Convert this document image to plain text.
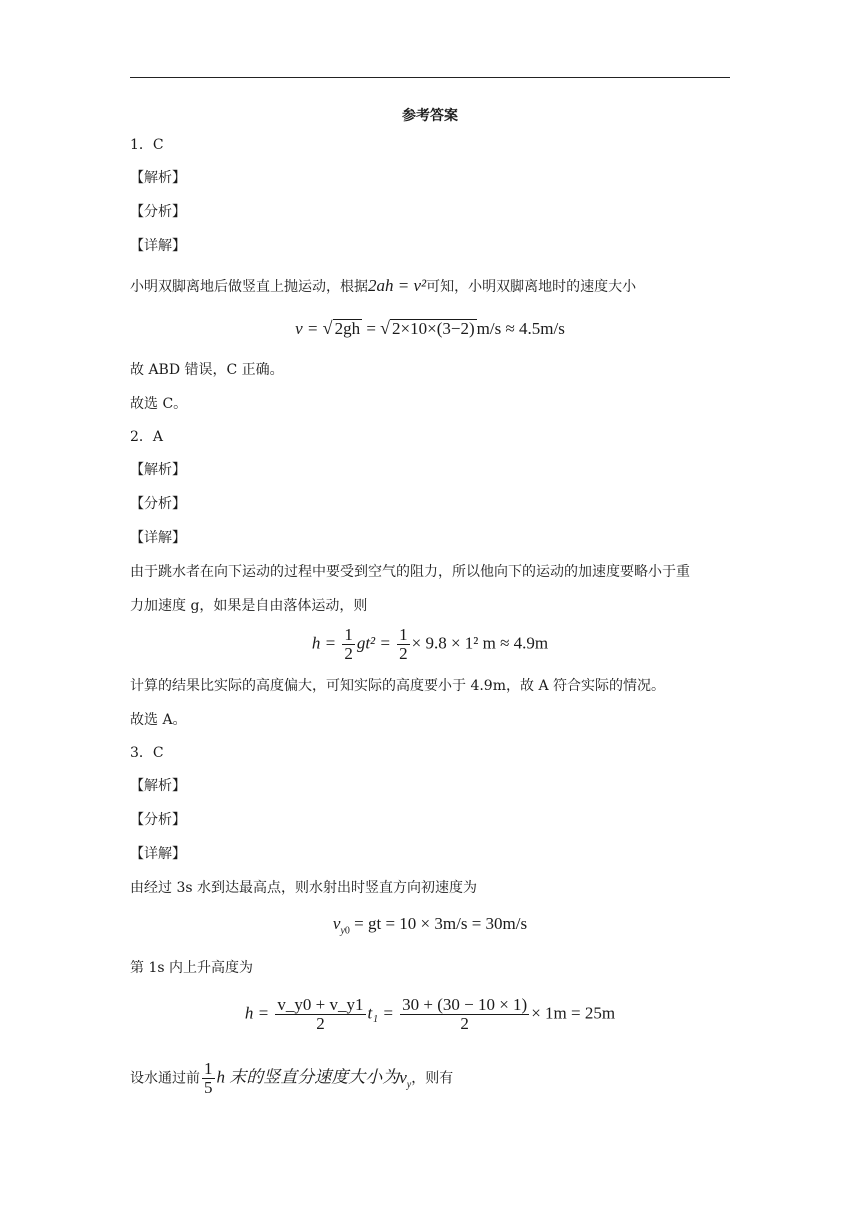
参考答案
1．C
【解析】
【分析】
【详解】
小明双脚离地后做竖直上抛运动，根据2ah = v²可知，小明双脚离地时的速度大小
v = √ 2gh = √ 2×10×(3−2) m/s ≈ 4.5m/s
故 ABD 错误，C 正确。
故选 C。
2．A
【解析】
【分析】
【详解】
由于跳水者在向下运动的过程中要受到空气的阻力，所以他向下的运动的加速度要略小于重
力加速度 g，如果是自由落体运动，则
$h = \frac{1}{2} gt^2 = \frac{1}{2} \times 9.8 \times 1^2$ m ≈ 4.9m
计算的结果比实际的高度偏大，可知实际的高度要小于 4.9m，故 A 符合实际的情况。
故选 A。
3．C
【解析】
【分析】
【详解】
由经过 3s 水到达最高点，则水射出时竖直方向初速度为
$v_{y0}$ = gt = 10 × 3m/s = 30m/s
第 1s 内上升高度为
$h = \frac{v\_y0 + v\_y1}{2} t_1 = \frac{30 + (30 - 10 \times 1)}{2} \times 1m = 25m$
设水通过前 $\frac{1}{5}$ h 末的竖直分速度大小为$v_y$，则有
